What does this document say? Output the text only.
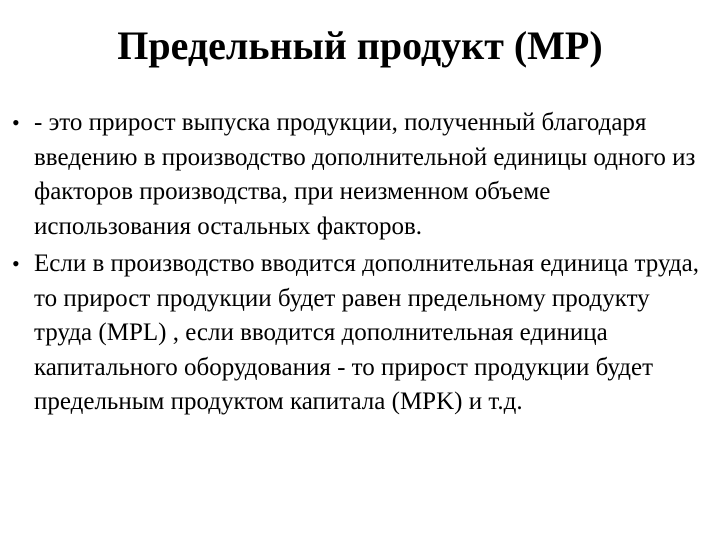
Предельный продукт (МР)
• - это прирост выпуска продукции, полученный благодаря введению в производство дополнительной единицы одного из факторов производства, при неизменном объеме использования остальных факторов.
• Если в производство вводится дополнительная единица труда, то прирост продукции будет равен предельному продукту труда (MPL) , если вводится дополнительная единица капитального оборудования - то прирост продукции будет предельным продуктом капитала (MPK) и т.д.
